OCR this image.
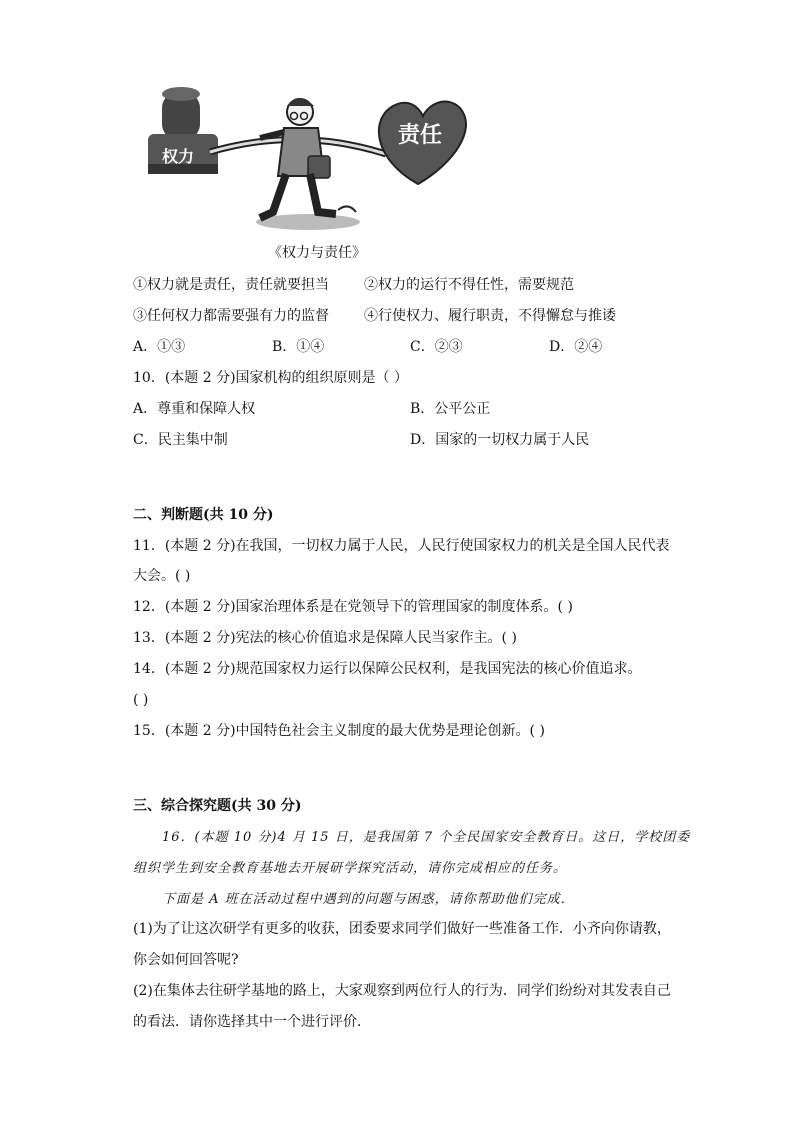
权力
责任
《权力与责任》
①权力就是责任，责任就要担当	②权力的运行不得任性，需要规范
③任何权力都需要强有力的监督	④行使权力、履行职责，不得懈怠与推诿
A．①③	B．①④	C．②③	D．②④
10．(本题 2 分)国家机构的组织原则是（ ）
A．尊重和保障人权	B．公平公正
C．民主集中制	D．国家的一切权力属于人民
二、判断题(共 10 分)
11．(本题 2 分)在我国，一切权力属于人民，人民行使国家权力的机关是全国人民代表
大会。( )
12．(本题 2 分)国家治理体系是在党领导下的管理国家的制度体系。( )
13．(本题 2 分)宪法的核心价值追求是保障人民当家作主。( )
14．(本题 2 分)规范国家权力运行以保障公民权利，是我国宪法的核心价值追求。
( )
15．(本题 2 分)中国特色社会主义制度的最大优势是理论创新。( )
三、综合探究题(共 30 分)
16．(本题 10 分)4 月 15 日，是我国第 7 个全民国家安全教育日。这日，学校团委
组织学生到安全教育基地去开展研学探究活动，请你完成相应的任务。
下面是 A 班在活动过程中遇到的问题与困惑，请你帮助他们完成．
(1)为了让这次研学有更多的收获，团委要求同学们做好一些准备工作．小齐向你请教，
你会如何回答呢?
(2)在集体去往研学基地的路上，大家观察到两位行人的行为．同学们纷纷对其发表自己
的看法．请你选择其中一个进行评价．
